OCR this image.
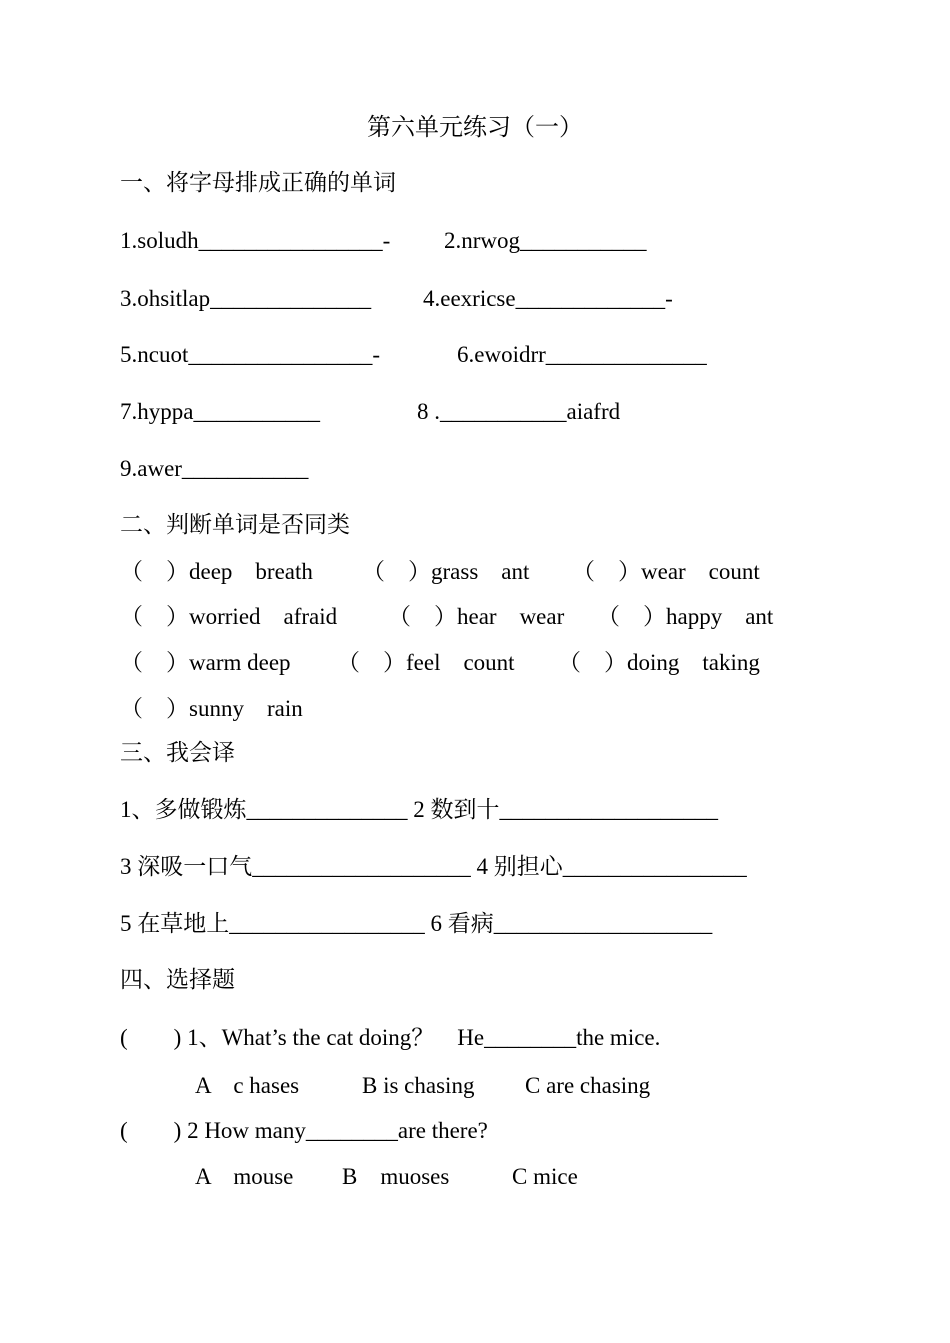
第六单元练习（一）
一、将字母排成正确的单词
1.soludh________________- 2.nrwog___________
3.ohsitlap______________ 4.eexricse_____________-
5.ncuot________________-	6.ewoidrr______________
7.hyppa___________	8 .___________aiafrd
9.awer___________
二、判断单词是否同类
（　）deep　breath （　）grass　ant （　）wear　count
（　）worried　afraid （　）hear　wear （　）happy　ant
（　）warm deep （　）feel　count （　）doing　taking
（　）sunny　rain
三、我会译
1、多做锻炼______________ 2 数到十___________________
3 深吸一口气___________________ 4 别担心________________
5 在草地上_________________ 6 看病___________________
四、选择题
(　　) 1、What’s the cat doing？　He________the mice.
A　c hases	B is chasing C are chasing
(　　) 2 How many________are there?
A　mouse B　muoses	C mice
